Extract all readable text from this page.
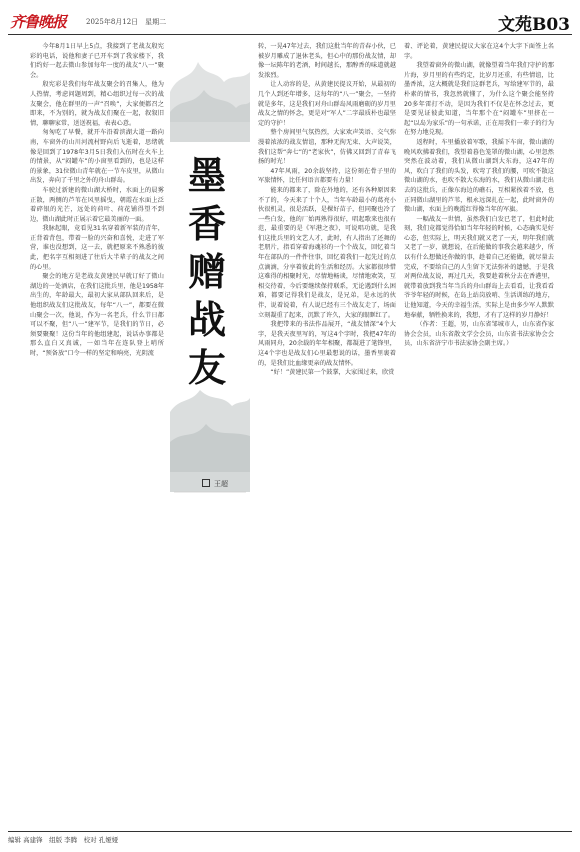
齐鲁晚报	2025年8月12日　星期二	文苑B03

今年8月1日早上5点，我接到了老战友殷宪彩的电话，说他和妻子已开车到了我家楼下，我们约好一起去微山参加每年一度的战友“八一”聚会。

殷宪彩是我们每年战友聚会的召集人，他为人热情，考虑问题周到，精心组织过每一次的战友聚会，他在群里的一声“召唤”，大家便都召之即来，不为别的，就为战友们聚在一起，叙叙旧情，聊聊家常，送送祝福，表表心意。

匆匆吃了早餐，就开车沿着滨湖大道一路向南，车窗外的山川河流村野向后飞逝着，思绪就像是回到了1978年3月5日我们入伍时在火车上的情景，从“闷罐车”的小窗里看到的，也是这样的景象，31位微山青年就在一节车皮里，从微山出发，奔向了千里之外的舟山群岛。

车驶过新建的微山湖大桥时，水面上的晨雾正散，两侧的芦苇在风里摇曳，朝霞在水面上泛着碎银的光芒，远处的荷叶、荷花铺得望不到边，微山湖此时正展示着它最美丽的一面。

我脉起眼，竟看见31名穿着新军装的青年，正背着背包，带着一脸的兴奋和喜悦，走进了军营，谁也没想到，这一去，就把原来不熟悉的彼此，把名字互相刻进了往后大半辈子的战友之间的心里。

聚会的地方是老战友黄建民早就订好了微山湖边的一处酒店，在我们这批兵里，他是1958年出生的，年龄最大，最初大家从部队回来后，是他组织战友们这批战友，每年“八一”，都要在微山聚会一次，他说，作为一名老兵，什么节日都可以不聚，但“八一”建军节，是我们的节日，必须要聚聚！这份当年的他组建起，说话办事都是那么直白又真诚，一如当年在连队登上哨所时，“预备放”口令一样的坚定和响亮，光阴流

墨
香
赠
战
友
王超

转，一晃47年过去，我们这批当年的青春小伙，已被岁月雕成了退休老头，但心中的那份战友情，却像一坛陈年的老酒，时间越长，那醇香的味道就越发浓烈。

让人动容的是，从黄建民提议开始，从最初的几个人到还年增多，这每年的“八一”聚会，一坚持就是多年，这是我们对舟山群岛风雨磨砺的岁月里战友之情的怀念，更是对“军人”二字最质朴也最坚定的守护！

整个房间里气氛热烈，大家欢声笑语、交气弥漫着浓浓的战友情谊，那种无拘无束、大声说笑，我们这帮“奔七”的“老家伙”，仿佛又回到了青春飞扬的时光！

47年风雨，20余载坚持，这份刻在骨子里的军旅情怀，比任何语言都要有力量！

能来的都来了，除在外地的，还有各种原因来不了的，今天来了十个人，当年车龄最小的葛亮小伙很机灵，很是活跃，是棵好苗子，但同聚也冷了一些白发，他的厂始再熟得很好，唱起歌来也很有范，最重要的是《军港之夜》，可说唱功就，是我们这批兵里的文艺人才，此时，有人指出了还舞的老朋片，指看穿着海魂衫的一个个战友，回忆着当年在部队的一件件往事，回忆着我们一起先过的点点滴滴，分享着彼此的生活和经历。大家都很珍惜这难得的相聚时光，尽情地畅谈，尽情地欢笑，互相交待着，今后要继续保持联系，无论遇到什么困难，都要记得我们是战友，是兄弟，是永远的伙伴，说着说着，有人说已经有三个战友走了，场面立刻凝重了起来，沉默了许久，大家的眼眶红了。

我把带来的书法作品展开，“战友情深”4个大字，是我天夜里写的，写这4个字时，我把47年的风雨同舟，20余载的年年相聚，都凝进了笔锋里，这4个字也是战友们心里最想说的话，墨香里裹着的，是我们比血缘更亲的战友情怀。

“好！”黄建民第一个鼓掌，大家围过来，欣赏

着、评论着，黄建民提议大家在这4个大字下面签上名字。

我望着窗外的微山湖，就像望着当年我们守护的那片海，岁月里的有些约定，比岁月还重，有些情谊，比墨香浓，这大概就是我们这群老兵，写给建军节的，最朴素的情书，我忽然就懂了，为什么这个聚会能坚持20多年雷打不动，是因为我们不仅是在怀念过去，更是要见证彼此知道，当年那个在“闷罐车”里挤在一起“以岛为家乐”的一句承诺，正在用我们一辈子的行为在努力地兑现。

返程时，车里播放着军歌，我摇下车窗，微山湖的晚风吹拂着我们，我望着暮色笼罩的微山湖，心里忽然突然在波动着，我们从微山湖到大东海，这47年的风，吹白了我们的头发，吹弯了我们的腰，可吹不散这微山湖的水，也吹不散大东海的水，我们从微山湖走出去的这批兵，正像东海边的礁石，互相紧挨着不放，也正同微山湖里的芦苇，根永远深扎在一起，此时窗外的微山湖，水面上的晚霞红得像当年的军旗。

一幅战友一世情，虽然我们白发已老了，但此时此刻，我们竟都觉得恰如当年年轻的时候，心态确实是好心态，但实际上，明天我们就又老了一天，明年我们就又老了一岁，就想说，在后能做的事我会越来越少，所以有什么想做还你做的事，趁着自己还能做，就尽量去完成，不要给自己的人生留下无法弥补的遗憾，于是我对两位战友说，再过几天，我要趁着秋分去在香港里，就带着放到我当年当兵的舟山群岛上去看看，让我看看爷爷年轻的时候，在岛上站岗放哨、生活训练的地方，让他知道，今天的幸福生活，实际上是由多少军人默默地奉献，牺牲换来的，我想，才有了这样的岁月静好！

（作者：王超，男，山东省邹城市人，山东省作家协会会员，山东省散文学会会员，山东省书法家协会会员，山东省济宁市书法家协会副主席。）

编辑 高建锋　组版 李腾　校对 孔娅娅
